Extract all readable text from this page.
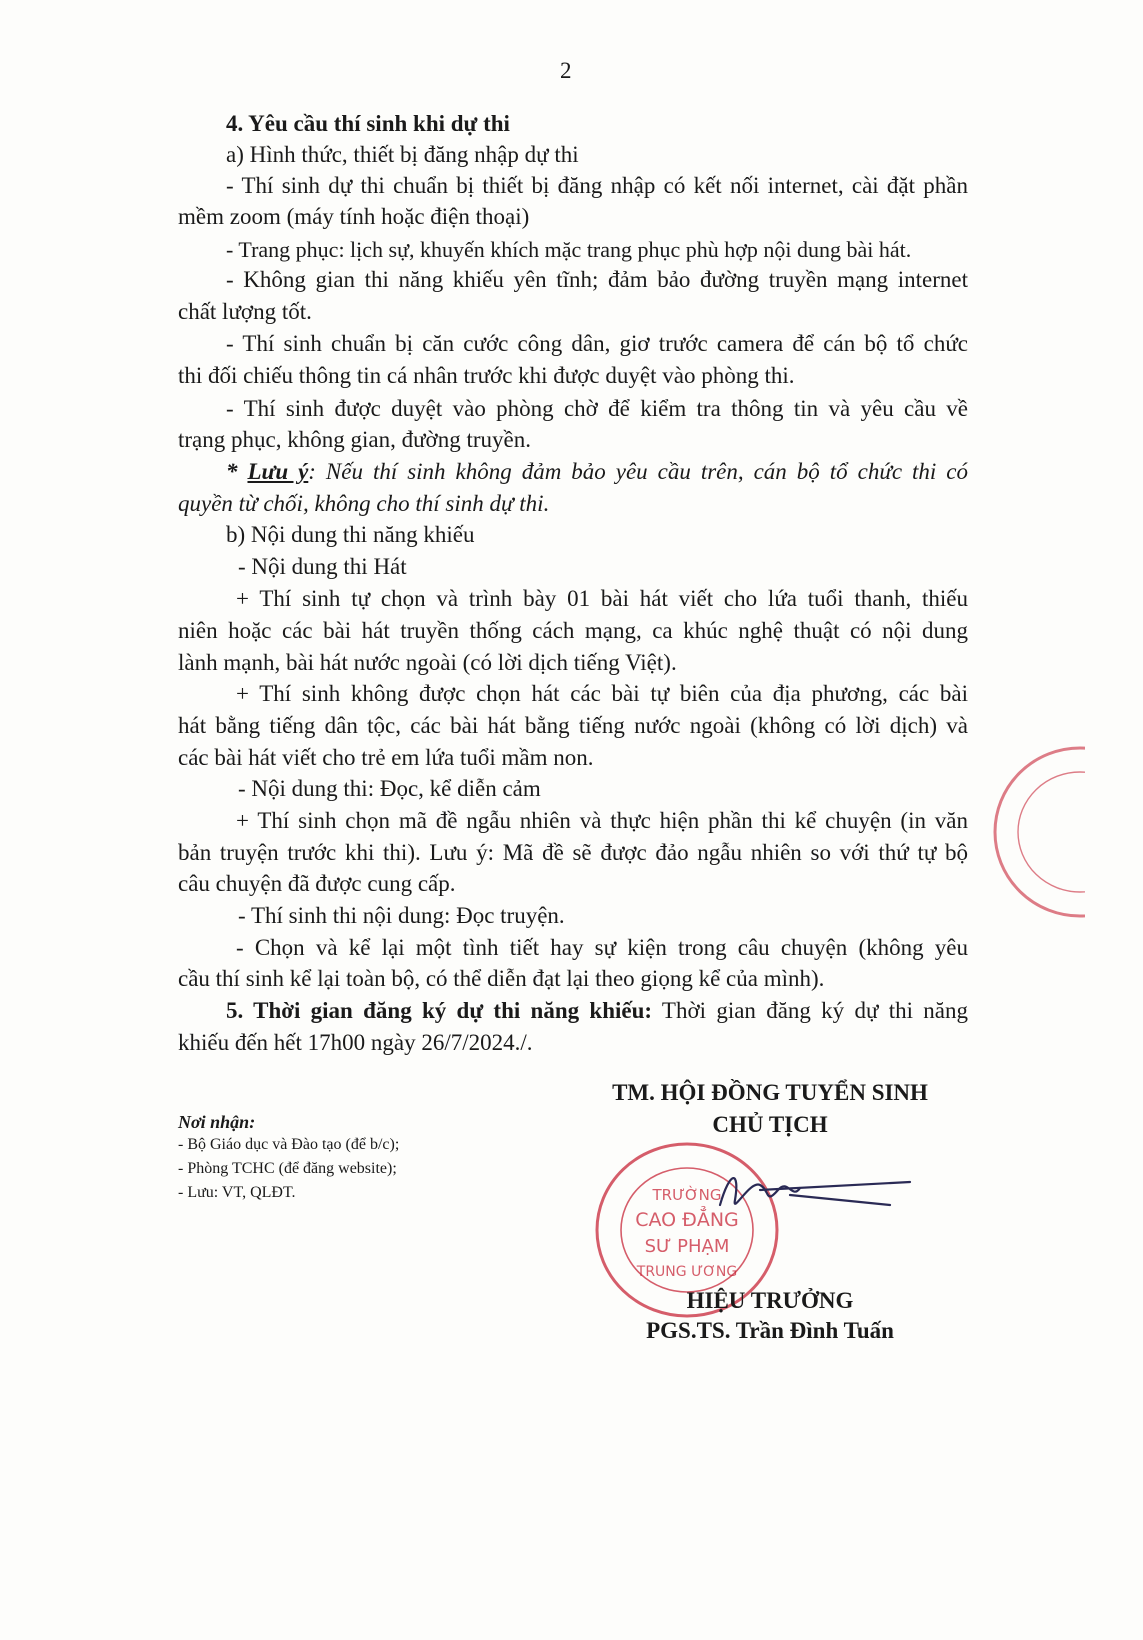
2
4. Yêu cầu thí sinh khi dự thi
a) Hình thức, thiết bị đăng nhập dự thi
- Thí sinh dự thi chuẩn bị thiết bị đăng nhập có kết nối internet, cài đặt phần
mềm zoom (máy tính hoặc điện thoại)
- Trang phục: lịch sự, khuyến khích mặc trang phục phù hợp nội dung bài hát.
- Không gian thi năng khiếu yên tĩnh; đảm bảo đường truyền mạng internet
chất lượng tốt.
- Thí sinh chuẩn bị căn cước công dân, giơ trước camera để cán bộ tổ chức
thi đối chiếu thông tin cá nhân trước khi được duyệt vào phòng thi.
- Thí sinh được duyệt vào phòng chờ để kiểm tra thông tin và yêu cầu về
trạng phục, không gian, đường truyền.
* Lưu ý: Nếu thí sinh không đảm bảo yêu cầu trên, cán bộ tổ chức thi có
quyền từ chối, không cho thí sinh dự thi.
b) Nội dung thi năng khiếu
- Nội dung thi Hát
+ Thí sinh tự chọn và trình bày 01 bài hát viết cho lứa tuổi thanh, thiếu
niên hoặc các bài hát truyền thống cách mạng, ca khúc nghệ thuật có nội dung
lành mạnh, bài hát nước ngoài (có lời dịch tiếng Việt).
+ Thí sinh không được chọn hát các bài tự biên của địa phương, các bài
hát bằng tiếng dân tộc, các bài hát bằng tiếng nước ngoài (không có lời dịch) và
các bài hát viết cho trẻ em lứa tuổi mầm non.
- Nội dung thi: Đọc, kể diễn cảm
+ Thí sinh chọn mã đề ngẫu nhiên và thực hiện phần thi kể chuyện (in văn
bản truyện trước khi thi). Lưu ý: Mã đề sẽ được đảo ngẫu nhiên so với thứ tự bộ
câu chuyện đã được cung cấp.
- Thí sinh thi nội dung: Đọc truyện.
- Chọn và kể lại một tình tiết hay sự kiện trong câu chuyện (không yêu
cầu thí sinh kể lại toàn bộ, có thể diễn đạt lại theo giọng kể của mình).
5. Thời gian đăng ký dự thi năng khiếu: Thời gian đăng ký dự thi năng
khiếu đến hết 17h00 ngày 26/7/2024./.
Nơi nhận:
- Bộ Giáo dục và Đào tạo (để b/c);
- Phòng TCHC (để đăng website);
- Lưu: VT, QLĐT.
TM. HỘI ĐỒNG TUYỂN SINH
CHỦ TỊCH
TRƯỜNG
CAO ĐẲNG
SƯ PHẠM
TRUNG ƯƠNG
HIỆU TRƯỞNG
PGS.TS. Trần Đình Tuấn
